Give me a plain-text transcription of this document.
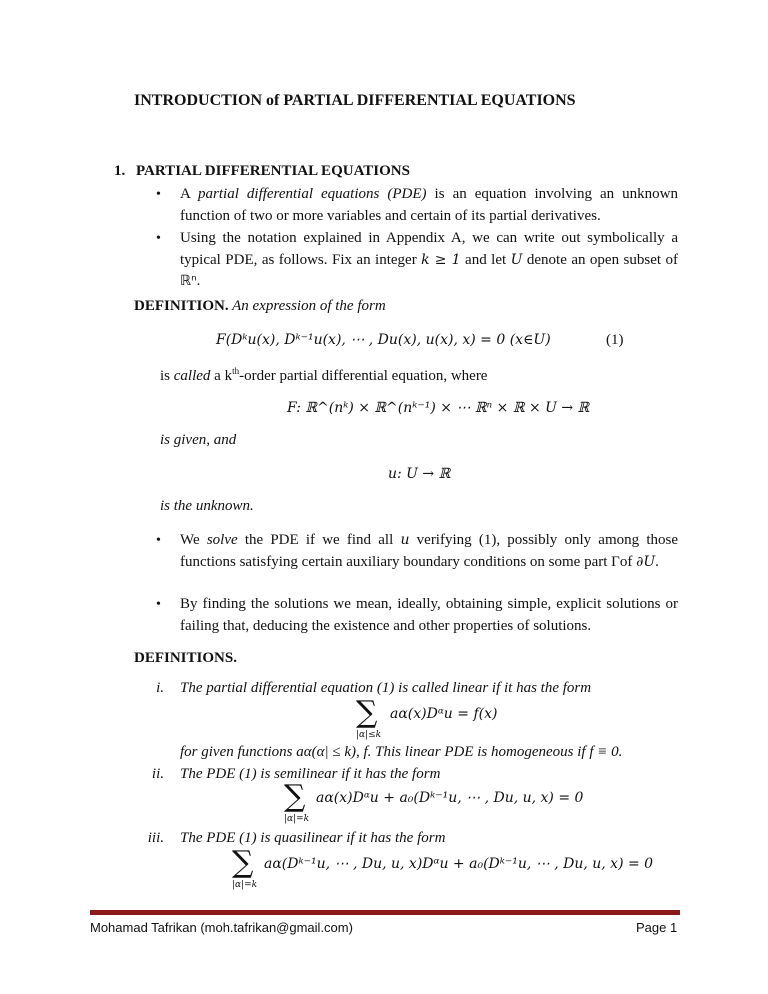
INTRODUCTION of PARTIAL DIFFERENTIAL EQUATIONS
1. PARTIAL DIFFERENTIAL EQUATIONS
• A partial differential equations (PDE) is an equation involving an unknown function of two or more variables and certain of its partial derivatives.
• Using the notation explained in Appendix A, we can write out symbolically a typical PDE, as follows. Fix an integer k ≥ 1 and let U denote an open subset of ℝⁿ.
DEFINITION. An expression of the form
F(Dᵏu(x), Dᵏ⁻¹u(x), ⋯ , Du(x), u(x), x) = 0 (x∈U)	(1)
is called a $k^{th}$-order partial differential equation, where
F: ℝ^(nᵏ) × ℝ^(nᵏ⁻¹) × ⋯ ℝⁿ × ℝ × U → ℝ
is given, and
u: U → ℝ
is the unknown.
• We solve the PDE if we find all u verifying (1), possibly only among those functions satisfying certain auxiliary boundary conditions on some part Γof ∂U.
• By finding the solutions we mean, ideally, obtaining simple, explicit solutions or failing that, deducing the existence and other properties of solutions.
DEFINITIONS.
i. The partial differential equation (1) is called linear if it has the form
∑
|α|≤k
aα(x)Dᵅu = f(x)
for given functions aα(α| ≤ k), f. This linear PDE is homogeneous if f ≡ 0.
ii. The PDE (1) is semilinear if it has the form
∑
|α|=k
aα(x)Dᵅu + a₀(Dᵏ⁻¹u, ⋯ , Du, u, x) = 0
iii. The PDE (1) is quasilinear if it has the form
∑
|α|=k
aα(Dᵏ⁻¹u, ⋯ , Du, u, x)Dᵅu + a₀(Dᵏ⁻¹u, ⋯ , Du, u, x) = 0
Mohamad Tafrikan (moh.tafrikan@gmail.com)	Page 1
